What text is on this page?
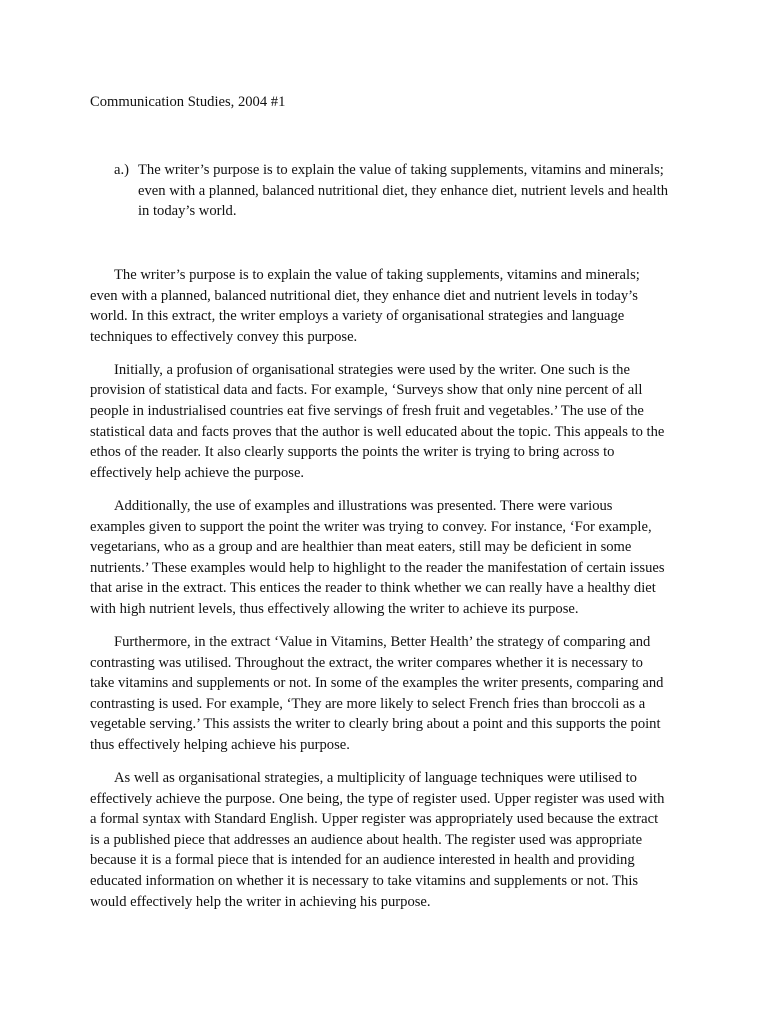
Communication Studies, 2004 #1
a.) The writer’s purpose is to explain the value of taking supplements, vitamins and minerals; even with a planned, balanced nutritional diet, they enhance diet, nutrient levels and health in today’s world.

The writer’s purpose is to explain the value of taking supplements, vitamins and minerals; even with a planned, balanced nutritional diet, they enhance diet and nutrient levels in today’s world. In this extract, the writer employs a variety of organisational strategies and language techniques to effectively convey this purpose.

Initially, a profusion of organisational strategies were used by the writer. One such is the provision of statistical data and facts. For example, ‘Surveys show that only nine percent of all people in industrialised countries eat five servings of fresh fruit and vegetables.’ The use of the statistical data and facts proves that the author is well educated about the topic. This appeals to the ethos of the reader. It also clearly supports the points the writer is trying to bring across to effectively help achieve the purpose.

Additionally, the use of examples and illustrations was presented. There were various examples given to support the point the writer was trying to convey. For instance, ‘For example, vegetarians, who as a group and are healthier than meat eaters, still may be deficient in some nutrients.’ These examples would help to highlight to the reader the manifestation of certain issues that arise in the extract. This entices the reader to think whether we can really have a healthy diet with high nutrient levels, thus effectively allowing the writer to achieve its purpose.

Furthermore, in the extract ‘Value in Vitamins, Better Health’ the strategy of comparing and contrasting was utilised. Throughout the extract, the writer compares whether it is necessary to take vitamins and supplements or not. In some of the examples the writer presents, comparing and contrasting is used. For example, ‘They are more likely to select French fries than broccoli as a vegetable serving.’ This assists the writer to clearly bring about a point and this supports the point thus effectively helping achieve his purpose.

As well as organisational strategies, a multiplicity of language techniques were utilised to effectively achieve the purpose. One being, the type of register used. Upper register was used with a formal syntax with Standard English. Upper register was appropriately used because the extract is a published piece that addresses an audience about health. The register used was appropriate because it is a formal piece that is intended for an audience interested in health and providing educated information on whether it is necessary to take vitamins and supplements or not. This would effectively help the writer in achieving his purpose.
